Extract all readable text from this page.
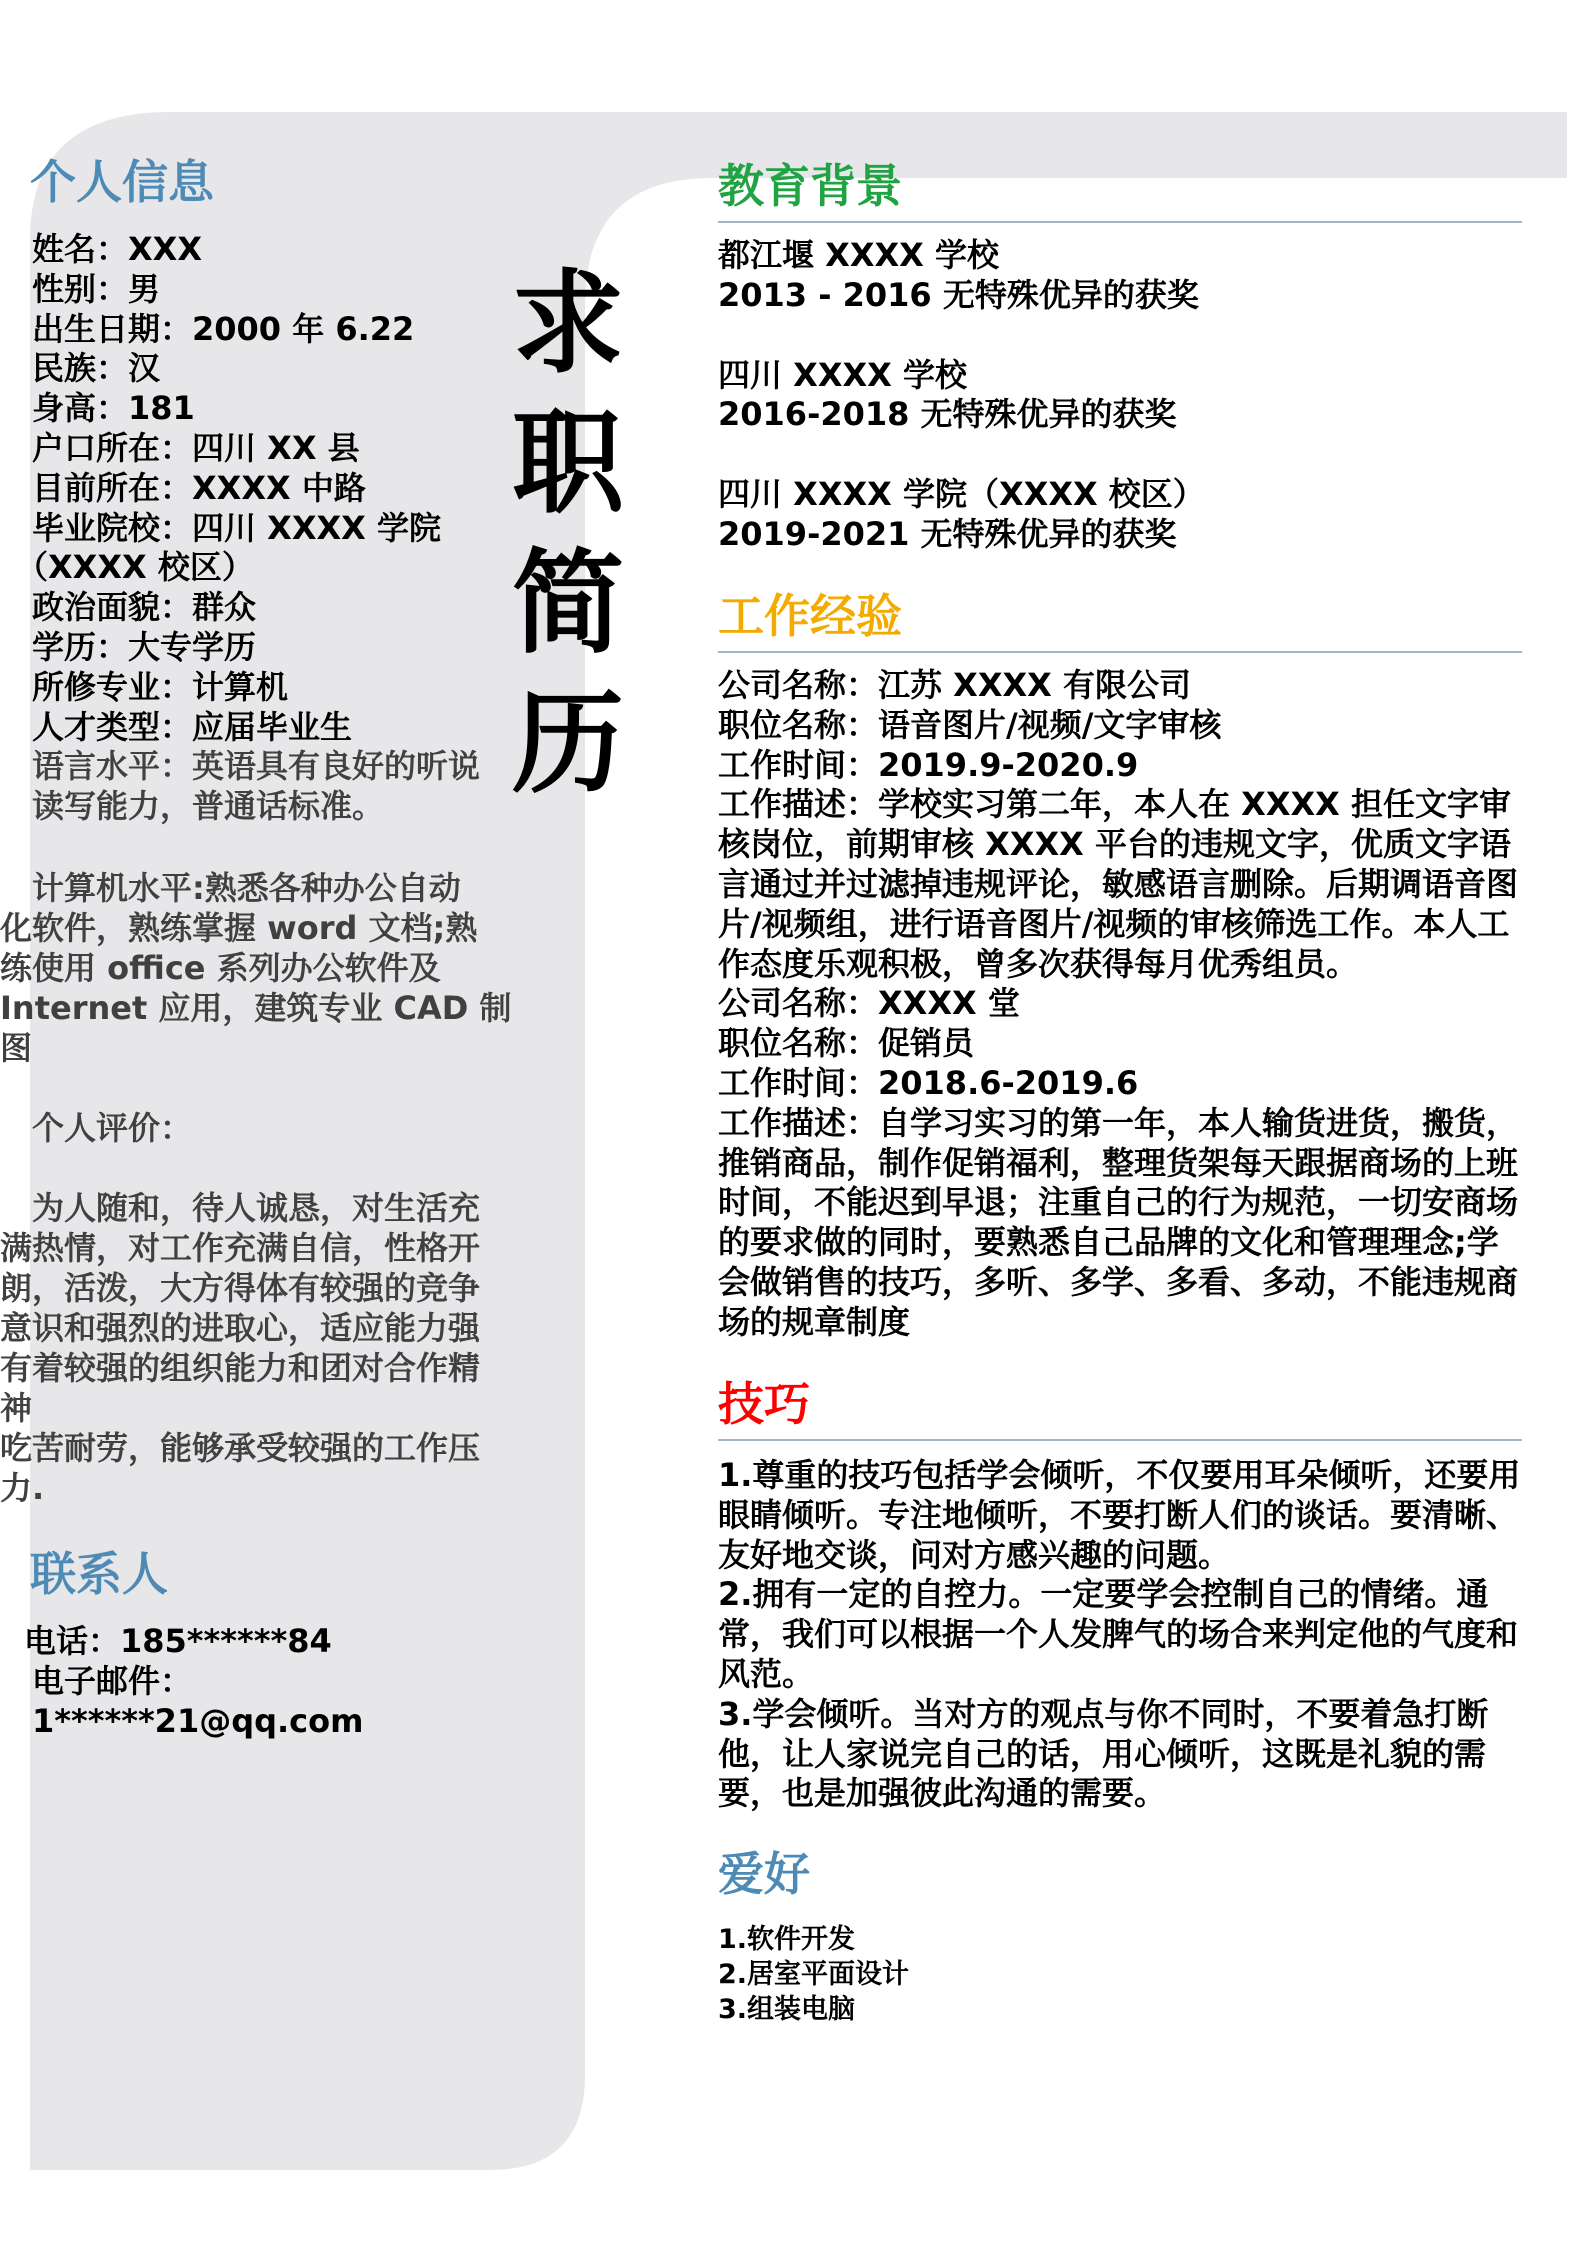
个人信息
姓名：XXX
性别：男
出生日期：2000 年 6.22
民族：汉
身高：181
户口所在：四川 XX 县
目前所在：XXXX 中路
毕业院校：四川 XXXX 学院
（XXXX 校区）
政治面貌：群众
学历：大专学历
所修专业：计算机
人才类型：应届毕业生
语言水平：英语具有良好的听说
读写能力，普通话标准。
计算机水平:熟悉各种办公自动
化软件，熟练掌握 word 文档;熟
练使用 office 系列办公软件及
Internet 应用，建筑专业 CAD 制
图
个人评价：
为人随和，待人诚恳，对生活充
满热情，对工作充满自信，性格开
朗，活泼，大方得体有较强的竞争
意识和强烈的进取心，适应能力强
有着较强的组织能力和团对合作精
神
吃苦耐劳，能够承受较强的工作压
力.
联系人
电话：185******84
电子邮件：
1******21@qq.com
求
职
简
历
教育背景
都江堰 XXXX 学校
2013 - 2016 无特殊优异的获奖
四川 XXXX 学校
2016-2018 无特殊优异的获奖
四川 XXXX 学院（XXXX 校区）
2019-2021 无特殊优异的获奖
工作经验
公司名称：江苏 XXXX 有限公司
职位名称：语音图片/视频/文字审核
工作时间：2019.9-2020.9
工作描述：学校实习第二年，本人在 XXXX 担任文字审
核岗位，前期审核 XXXX 平台的违规文字，优质文字语
言通过并过滤掉违规评论，敏感语言删除。后期调语音图
片/视频组，进行语音图片/视频的审核筛选工作。本人工
作态度乐观积极，曾多次获得每月优秀组员。
公司名称：XXXX 堂
职位名称：促销员
工作时间：2018.6-2019.6
工作描述：自学习实习的第一年，本人输货进货，搬货，
推销商品，制作促销福利，整理货架每天跟据商场的上班
时间，不能迟到早退；注重自己的行为规范，一切安商场
的要求做的同时，要熟悉自己品牌的文化和管理理念;学
会做销售的技巧，多听、多学、多看、多动，不能违规商
场的规章制度
技巧
1.尊重的技巧包括学会倾听，不仅要用耳朵倾听，还要用
眼睛倾听。专注地倾听，不要打断人们的谈话。要清晰、
友好地交谈，问对方感兴趣的问题。
2.拥有一定的自控力。一定要学会控制自己的情绪。通
常，我们可以根据一个人发脾气的场合来判定他的气度和
风范。
3.学会倾听。当对方的观点与你不同时，不要着急打断
他，让人家说完自己的话，用心倾听，这既是礼貌的需
要，也是加强彼此沟通的需要。
爱好
1.软件开发
2.居室平面设计
3.组装电脑
